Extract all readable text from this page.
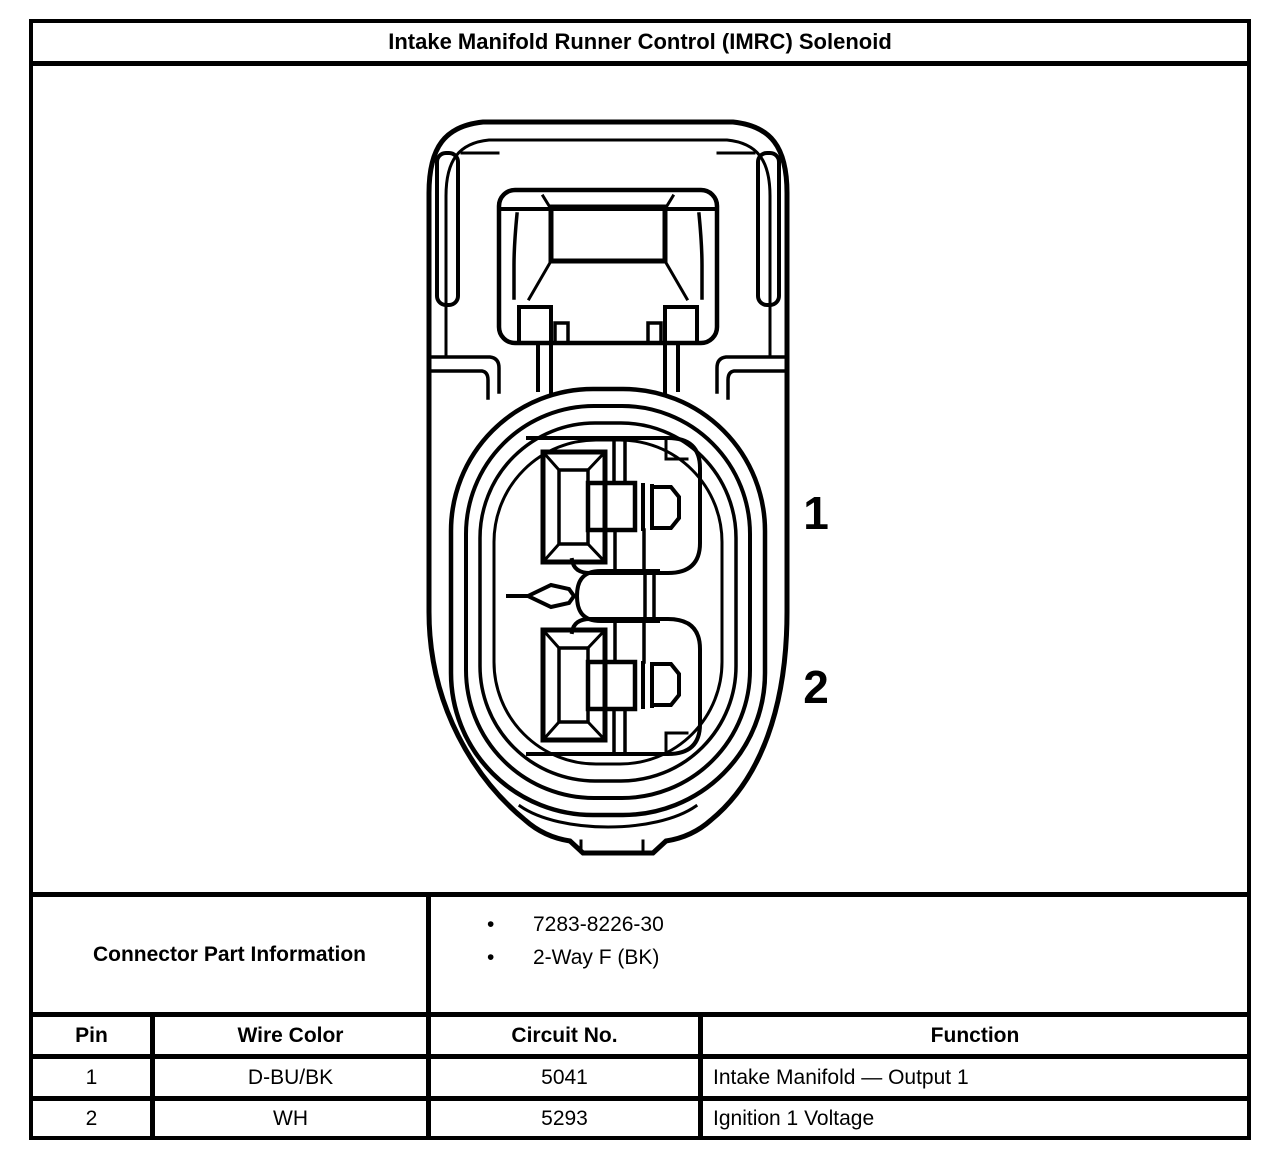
Intake Manifold Runner Control (IMRC) Solenoid
1
2
Connector Part Information
•	7283-8226-30
•	2-Way F (BK)
Pin	Wire Color	Circuit No.	Function
1	D-BU/BK	5041	Intake Manifold — Output 1
2	WH	5293	Ignition 1 Voltage
